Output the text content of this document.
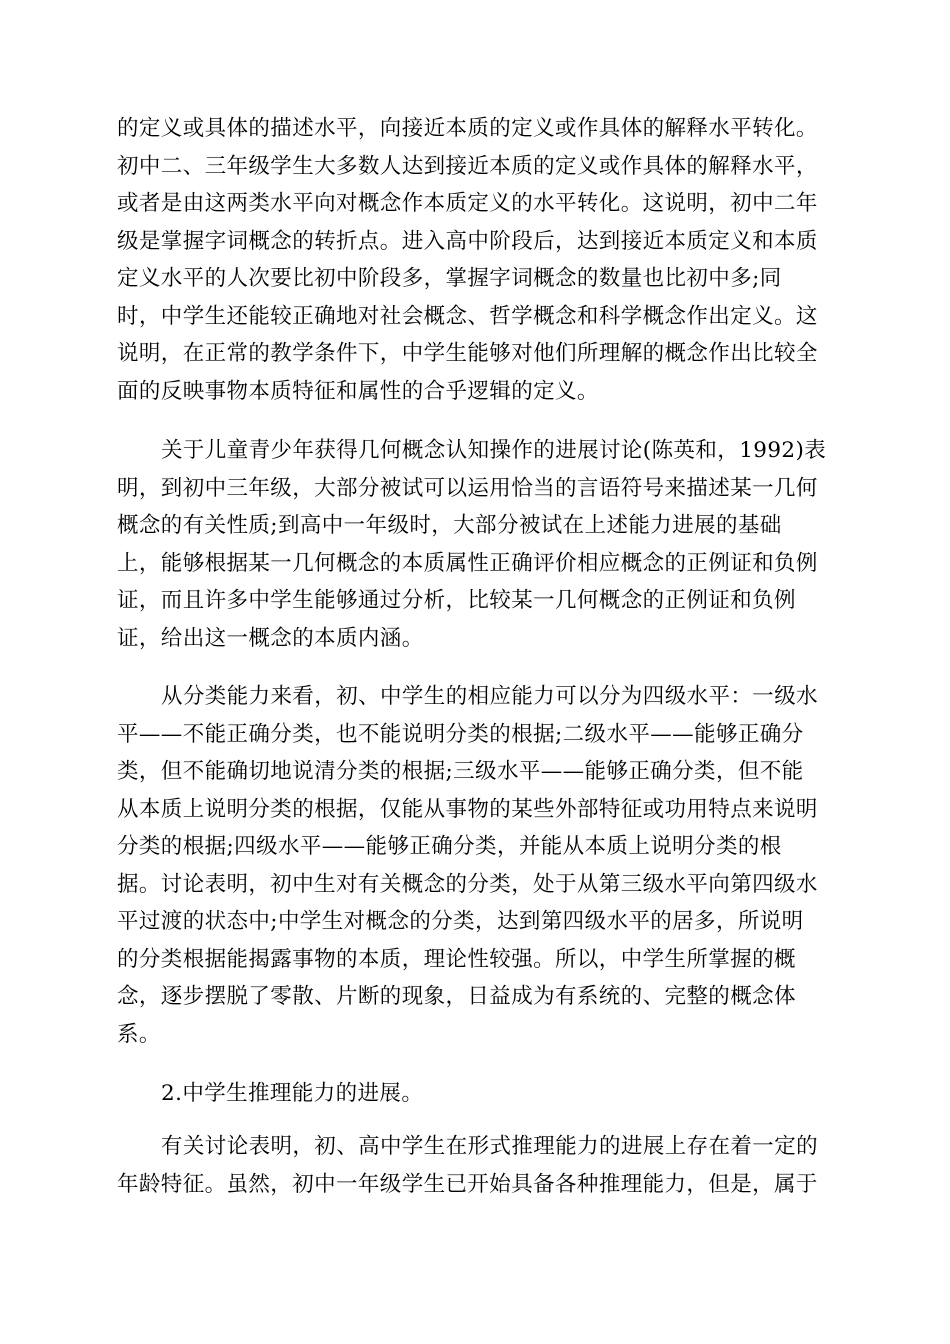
的定义或具体的描述水平，向接近本质的定义或作具体的解释水平转化。
初中二、三年级学生大多数人达到接近本质的定义或作具体的解释水平，
或者是由这两类水平向对概念作本质定义的水平转化。这说明，初中二年
级是掌握字词概念的转折点。进入高中阶段后，达到接近本质定义和本质
定义水平的人次要比初中阶段多，掌握字词概念的数量也比初中多;同
时，中学生还能较正确地对社会概念、哲学概念和科学概念作出定义。这
说明，在正常的教学条件下，中学生能够对他们所理解的概念作出比较全
面的反映事物本质特征和属性的合乎逻辑的定义。
关于儿童青少年获得几何概念认知操作的进展讨论(陈英和，1992)表
明，到初中三年级，大部分被试可以运用恰当的言语符号来描述某一几何
概念的有关性质;到高中一年级时，大部分被试在上述能力进展的基础
上，能够根据某一几何概念的本质属性正确评价相应概念的正例证和负例
证，而且许多中学生能够通过分析，比较某一几何概念的正例证和负例
证，给出这一概念的本质内涵。
从分类能力来看，初、中学生的相应能力可以分为四级水平：一级水
平——不能正确分类，也不能说明分类的根据;二级水平——能够正确分
类，但不能确切地说清分类的根据;三级水平——能够正确分类，但不能
从本质上说明分类的根据，仅能从事物的某些外部特征或功用特点来说明
分类的根据;四级水平——能够正确分类，并能从本质上说明分类的根
据。讨论表明，初中生对有关概念的分类，处于从第三级水平向第四级水
平过渡的状态中;中学生对概念的分类，达到第四级水平的居多，所说明
的分类根据能揭露事物的本质，理论性较强。所以，中学生所掌握的概
念，逐步摆脱了零散、片断的现象，日益成为有系统的、完整的概念体
系。
2.中学生推理能力的进展。
有关讨论表明，初、高中学生在形式推理能力的进展上存在着一定的
年龄特征。虽然，初中一年级学生已开始具备各种推理能力，但是，属于
